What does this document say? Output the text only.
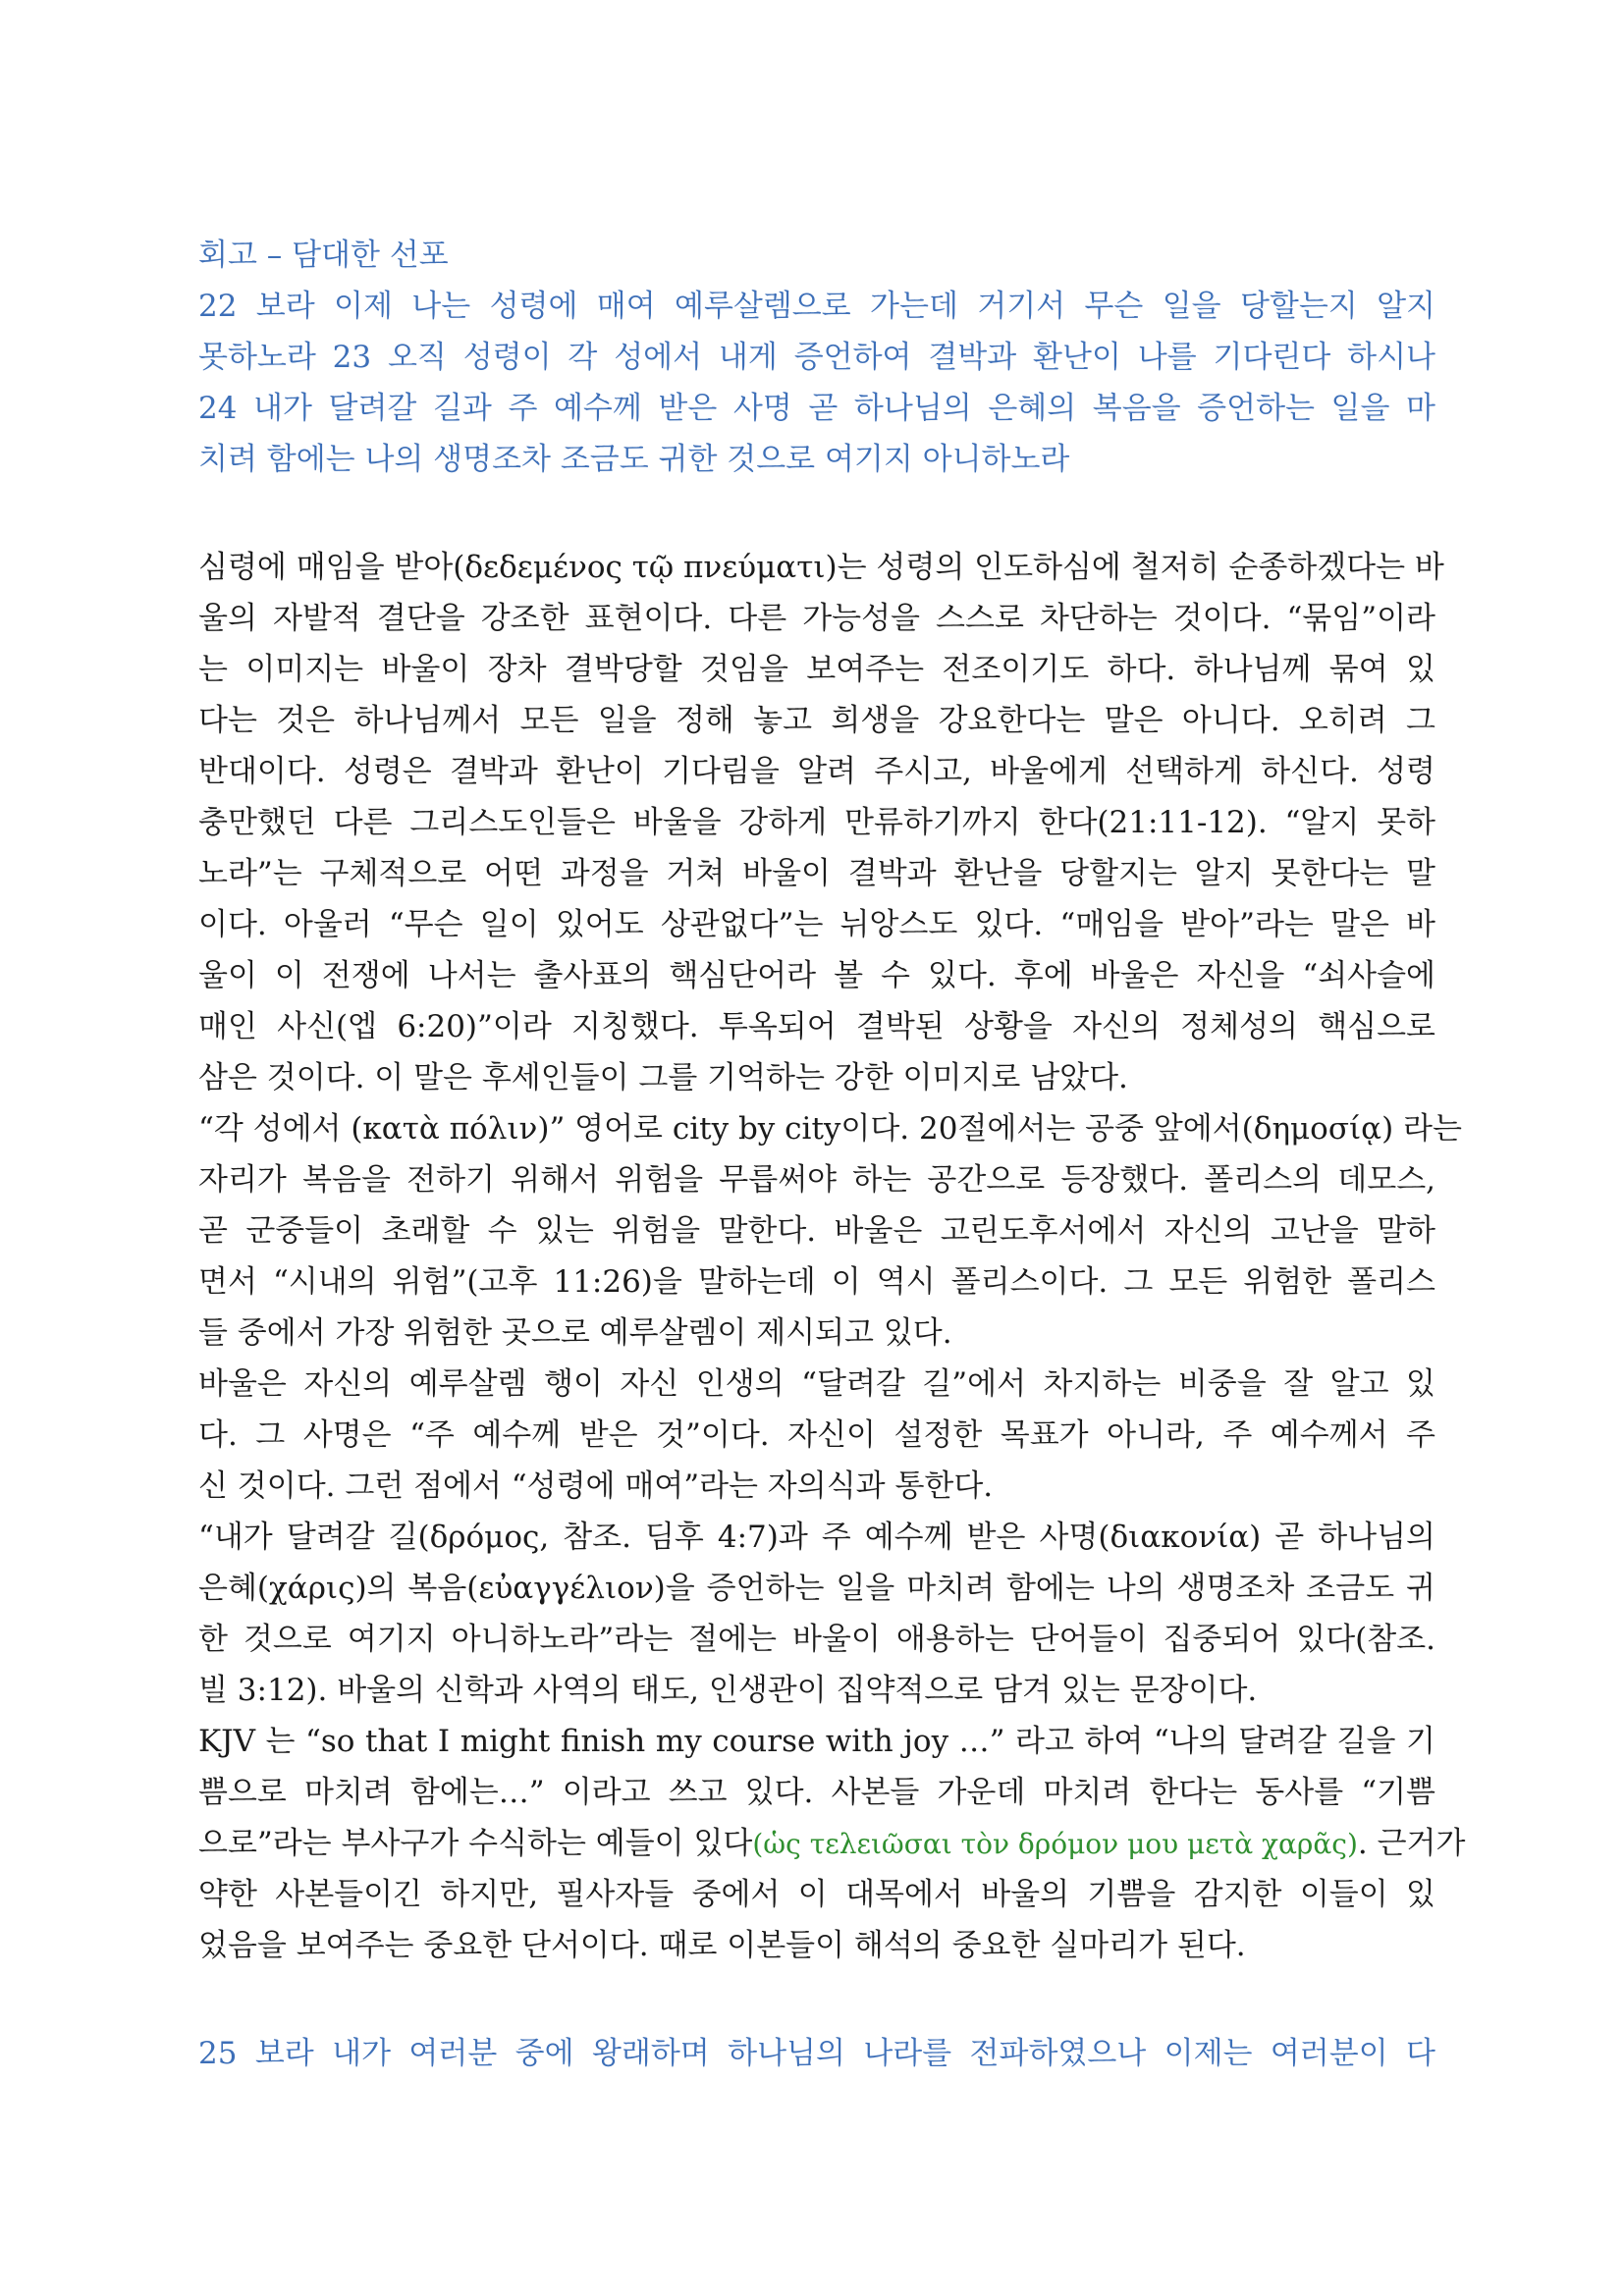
회고 – 담대한 선포
22 보라 이제 나는 성령에 매여 예루살렘으로 가는데 거기서 무슨 일을 당할는지 알지
못하노라 23 오직 성령이 각 성에서 내게 증언하여 결박과 환난이 나를 기다린다 하시나
24 내가 달려갈 길과 주 예수께 받은 사명 곧 하나님의 은혜의 복음을 증언하는 일을 마
치려 함에는 나의 생명조차 조금도 귀한 것으로 여기지 아니하노라
심령에 매임을 받아(δεδεμένος τῷ πνεύματι)는 성령의 인도하심에 철저히 순종하겠다는 바
울의 자발적 결단을 강조한 표현이다. 다른 가능성을 스스로 차단하는 것이다. “묶임”이라
는 이미지는 바울이 장차 결박당할 것임을 보여주는 전조이기도 하다. 하나님께 묶여 있
다는 것은 하나님께서 모든 일을 정해 놓고 희생을 강요한다는 말은 아니다. 오히려 그
반대이다. 성령은 결박과 환난이 기다림을 알려 주시고, 바울에게 선택하게 하신다. 성령
충만했던 다른 그리스도인들은 바울을 강하게 만류하기까지 한다(21:11-12). “알지 못하
노라”는 구체적으로 어떤 과정을 거쳐 바울이 결박과 환난을 당할지는 알지 못한다는 말
이다. 아울러 “무슨 일이 있어도 상관없다”는 뉘앙스도 있다. “매임을 받아”라는 말은 바
울이 이 전쟁에 나서는 출사표의 핵심단어라 볼 수 있다. 후에 바울은 자신을 “쇠사슬에
매인 사신(엡 6:20)”이라 지칭했다. 투옥되어 결박된 상황을 자신의 정체성의 핵심으로
삼은 것이다. 이 말은 후세인들이 그를 기억하는 강한 이미지로 남았다.
“각 성에서 (κατὰ πόλιν)” 영어로 city by city이다. 20절에서는 공중 앞에서(δημοσίᾳ) 라는
자리가 복음을 전하기 위해서 위험을 무릅써야 하는 공간으로 등장했다. 폴리스의 데모스,
곧 군중들이 초래할 수 있는 위험을 말한다. 바울은 고린도후서에서 자신의 고난을 말하
면서 “시내의 위험”(고후 11:26)을 말하는데 이 역시 폴리스이다. 그 모든 위험한 폴리스
들 중에서 가장 위험한 곳으로 예루살렘이 제시되고 있다.
바울은 자신의 예루살렘 행이 자신 인생의 “달려갈 길”에서 차지하는 비중을 잘 알고 있
다. 그 사명은 “주 예수께 받은 것”이다. 자신이 설정한 목표가 아니라, 주 예수께서 주
신 것이다. 그런 점에서 “성령에 매여”라는 자의식과 통한다.
“내가 달려갈 길(δρόμος, 참조. 딤후 4:7)과 주 예수께 받은 사명(διακονία) 곧 하나님의
은혜(χάρις)의 복음(εὐαγγέλιον)을 증언하는 일을 마치려 함에는 나의 생명조차 조금도 귀
한 것으로 여기지 아니하노라”라는 절에는 바울이 애용하는 단어들이 집중되어 있다(참조.
빌 3:12). 바울의 신학과 사역의 태도, 인생관이 집약적으로 담겨 있는 문장이다.
KJV 는 “so that I might finish my course with joy …” 라고 하여 “나의 달려갈 길을 기
쁨으로 마치려 함에는…” 이라고 쓰고 있다. 사본들 가운데 마치려 한다는 동사를 “기쁨
으로”라는 부사구가 수식하는 예들이 있다(ὡς τελειῶσαι τὸν δρόμον μου μετὰ χαρᾶς). 근거가
약한 사본들이긴 하지만, 필사자들 중에서 이 대목에서 바울의 기쁨을 감지한 이들이 있
었음을 보여주는 중요한 단서이다. 때로 이본들이 해석의 중요한 실마리가 된다.
25 보라 내가 여러분 중에 왕래하며 하나님의 나라를 전파하였으나 이제는 여러분이 다
